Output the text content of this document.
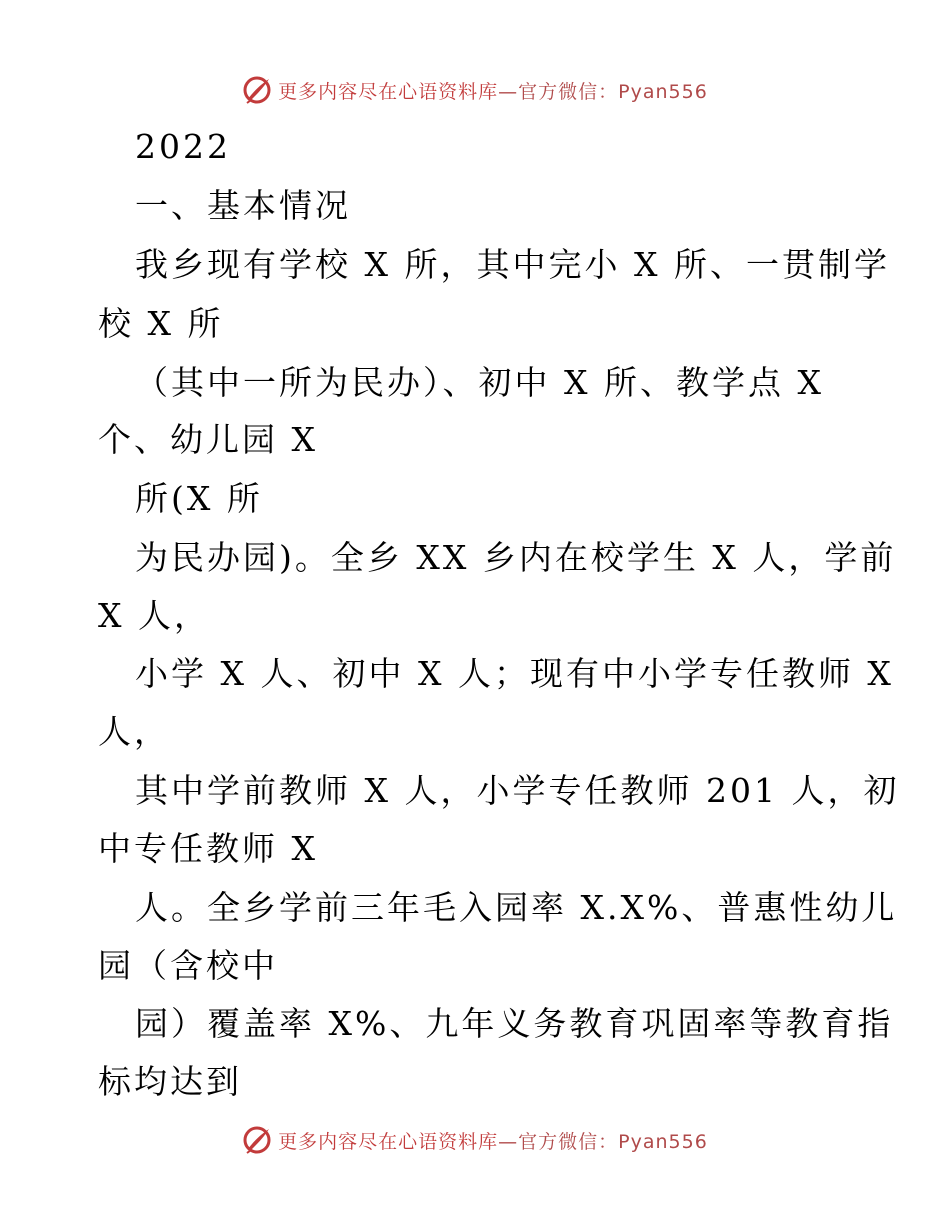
更多内容尽在心语资料库 —官方微信：Pyan556
2022
一、基本情况
我乡现有学校 X 所，其中完小 X 所、一贯制学
校 X 所
（其中一所为民办）、初中 X 所、教学点 X
个、幼儿园 X
所(X 所
为民办园)。全乡 XX 乡内在校学生 X 人，学前
X 人，
小学 X 人、初中 X 人；现有中小学专任教师 X
人，
其中学前教师 X 人，小学专任教师 201 人，初
中专任教师 X
人。全乡学前三年毛入园率 X.X%、普惠性幼儿
园（含校中
园）覆盖率 X%、九年义务教育巩固率等教育指
标均达到
更多内容尽在心语资料库 —官方微信：Pyan556
